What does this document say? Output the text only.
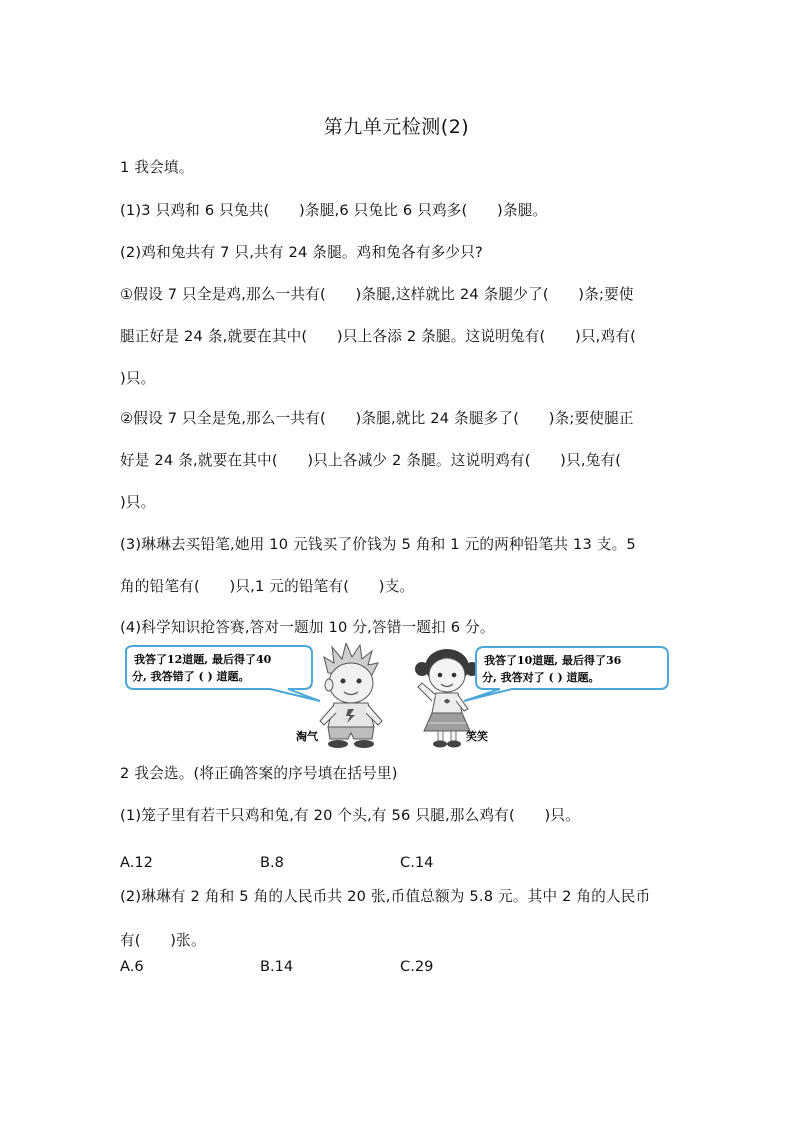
第九单元检测(2)
1 我会填。
(1)3 只鸡和 6 只兔共(　　)条腿,6 只兔比 6 只鸡多(　　)条腿。
(2)鸡和兔共有 7 只,共有 24 条腿。鸡和兔各有多少只?
①假设 7 只全是鸡,那么一共有(　　)条腿,这样就比 24 条腿少了(　　)条;要使
腿正好是 24 条,就要在其中(　　)只上各添 2 条腿。这说明兔有(　　)只,鸡有(
)只。
②假设 7 只全是兔,那么一共有(　　)条腿,就比 24 条腿多了(　　)条;要使腿正
好是 24 条,就要在其中(　　)只上各减少 2 条腿。这说明鸡有(　　)只,兔有(
)只。
(3)琳琳去买铅笔,她用 10 元钱买了价钱为 5 角和 1 元的两种铅笔共 13 支。5
角的铅笔有(　　)只,1 元的铅笔有(　　)支。
(4)科学知识抢答赛,答对一题加 10 分,答错一题扣 6 分。
我答了12道题, 最后得了40
分, 我答错了 ( ) 道题。
我答了10道题, 最后得了36
分, 我答对了 ( ) 道题。
淘气	笑笑
2 我会选。(将正确答案的序号填在括号里)
(1)笼子里有若干只鸡和兔,有 20 个头,有 56 只腿,那么鸡有(　　)只。
A.12	B.8	C.14
(2)琳琳有 2 角和 5 角的人民币共 20 张,币值总额为 5.8 元。其中 2 角的人民币
有(　　)张。
A.6	B.14	C.29
